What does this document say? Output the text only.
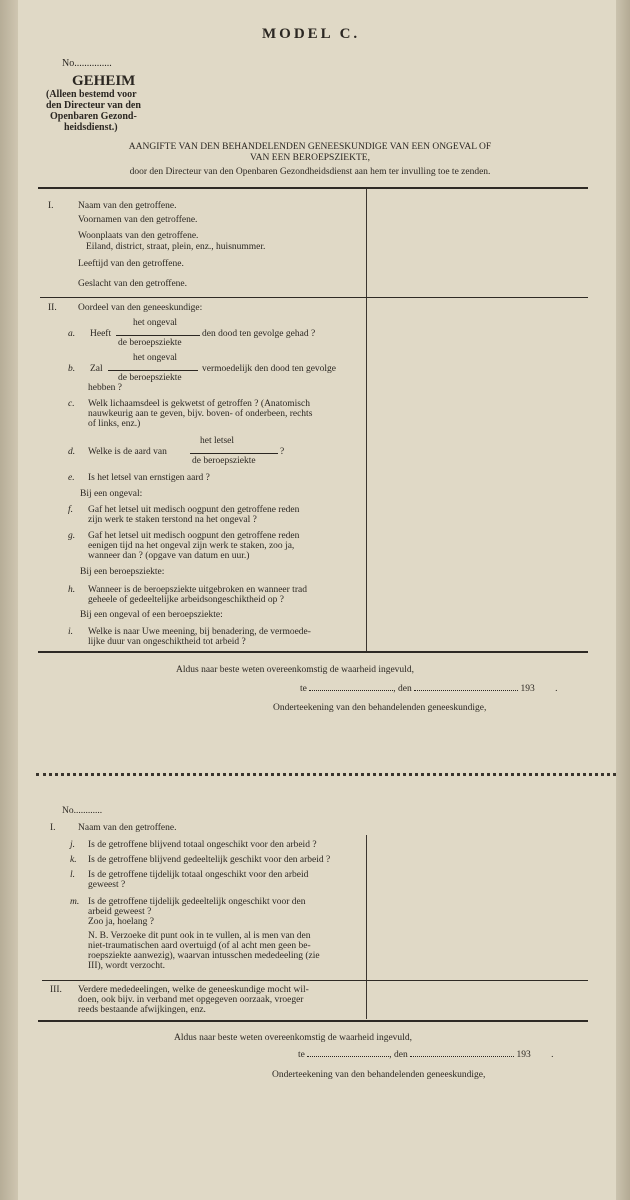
MODEL C.
No...............
GEHEIM
(Alleen bestemd voor
den Directeur van den
Openbaren Gezond-
heidsdienst.)
AANGIFTE VAN DEN BEHANDELENDEN GENEESKUNDIGE VAN EEN ONGEVAL OF
VAN EEN BEROEPSZIEKTE,
door den Directeur van den Openbaren Gezondheidsdienst aan hem ter invulling toe te zenden.
I.	Naam van den getroffene.
Voornamen van den getroffene.
Woonplaats van den getroffene.
Eiland, district, straat, plein, enz., huisnummer.
Leeftijd van den getroffene.
Geslacht van den getroffene.
II. Oordeel van den geneeskundige:
a. Heeft
het ongeval
de beroepsziekte
den dood ten gevolge gehad ?
b. Zal
het ongeval
de beroepsziekte
vermoedelijk den dood ten gevolge
hebben ?
c. Welk lichaamsdeel is gekwetst of getroffen ? (Anatomisch
nauwkeurig aan te geven, bijv. boven- of onderbeen, rechts
of links, enz.)
d. Welke is de aard van
het letsel
de beroepsziekte
?
e. Is het letsel van ernstigen aard ?
Bij een ongeval:
f. Gaf het letsel uit medisch oogpunt den getroffene reden
zijn werk te staken terstond na het ongeval ?
g. Gaf het letsel uit medisch oogpunt den getroffene reden
eenigen tijd na het ongeval zijn werk te staken, zoo ja,
wanneer dan ? (opgave van datum en uur.)
Bij een beroepsziekte:
h. Wanneer is de beroepsziekte uitgebroken en wanneer trad
geheele of gedeeltelijke arbeidsongeschiktheid op ?
Bij een ongeval of een beroepsziekte:
i. Welke is naar Uwe meening, bij benadering, de vermoede-
lijke duur van ongeschiktheid tot arbeid ?
Aldus naar beste weten overeenkomstig de waarheid ingevuld,
te	, den	193 .
Onderteekening van den behandelenden geneeskundige,
No............
I. Naam van den getroffene.
j. Is de getroffene blijvend totaal ongeschikt voor den arbeid ?
k. Is de getroffene blijvend gedeeltelijk geschikt voor den arbeid ?
l. Is de getroffene tijdelijk totaal ongeschikt voor den arbeid
geweest ?
m. Is de getroffene tijdelijk gedeeltelijk ongeschikt voor den
arbeid geweest ?
Zoo ja, hoelang ?
N. B. Verzoeke dit punt ook in te vullen, al is men van den
niet-traumatischen aard overtuigd (of al acht men geen be-
roepsziekte aanwezig), waarvan intusschen mededeeling (zie
III), wordt verzocht.
III. Verdere mededeelingen, welke de geneeskundige mocht wil-
doen, ook bijv. in verband met opgegeven oorzaak, vroeger
reeds bestaande afwijkingen, enz.
Aldus naar beste weten overeenkomstig de waarheid ingevuld,
te	, den	193 .
Onderteekening van den behandelenden geneeskundige,
